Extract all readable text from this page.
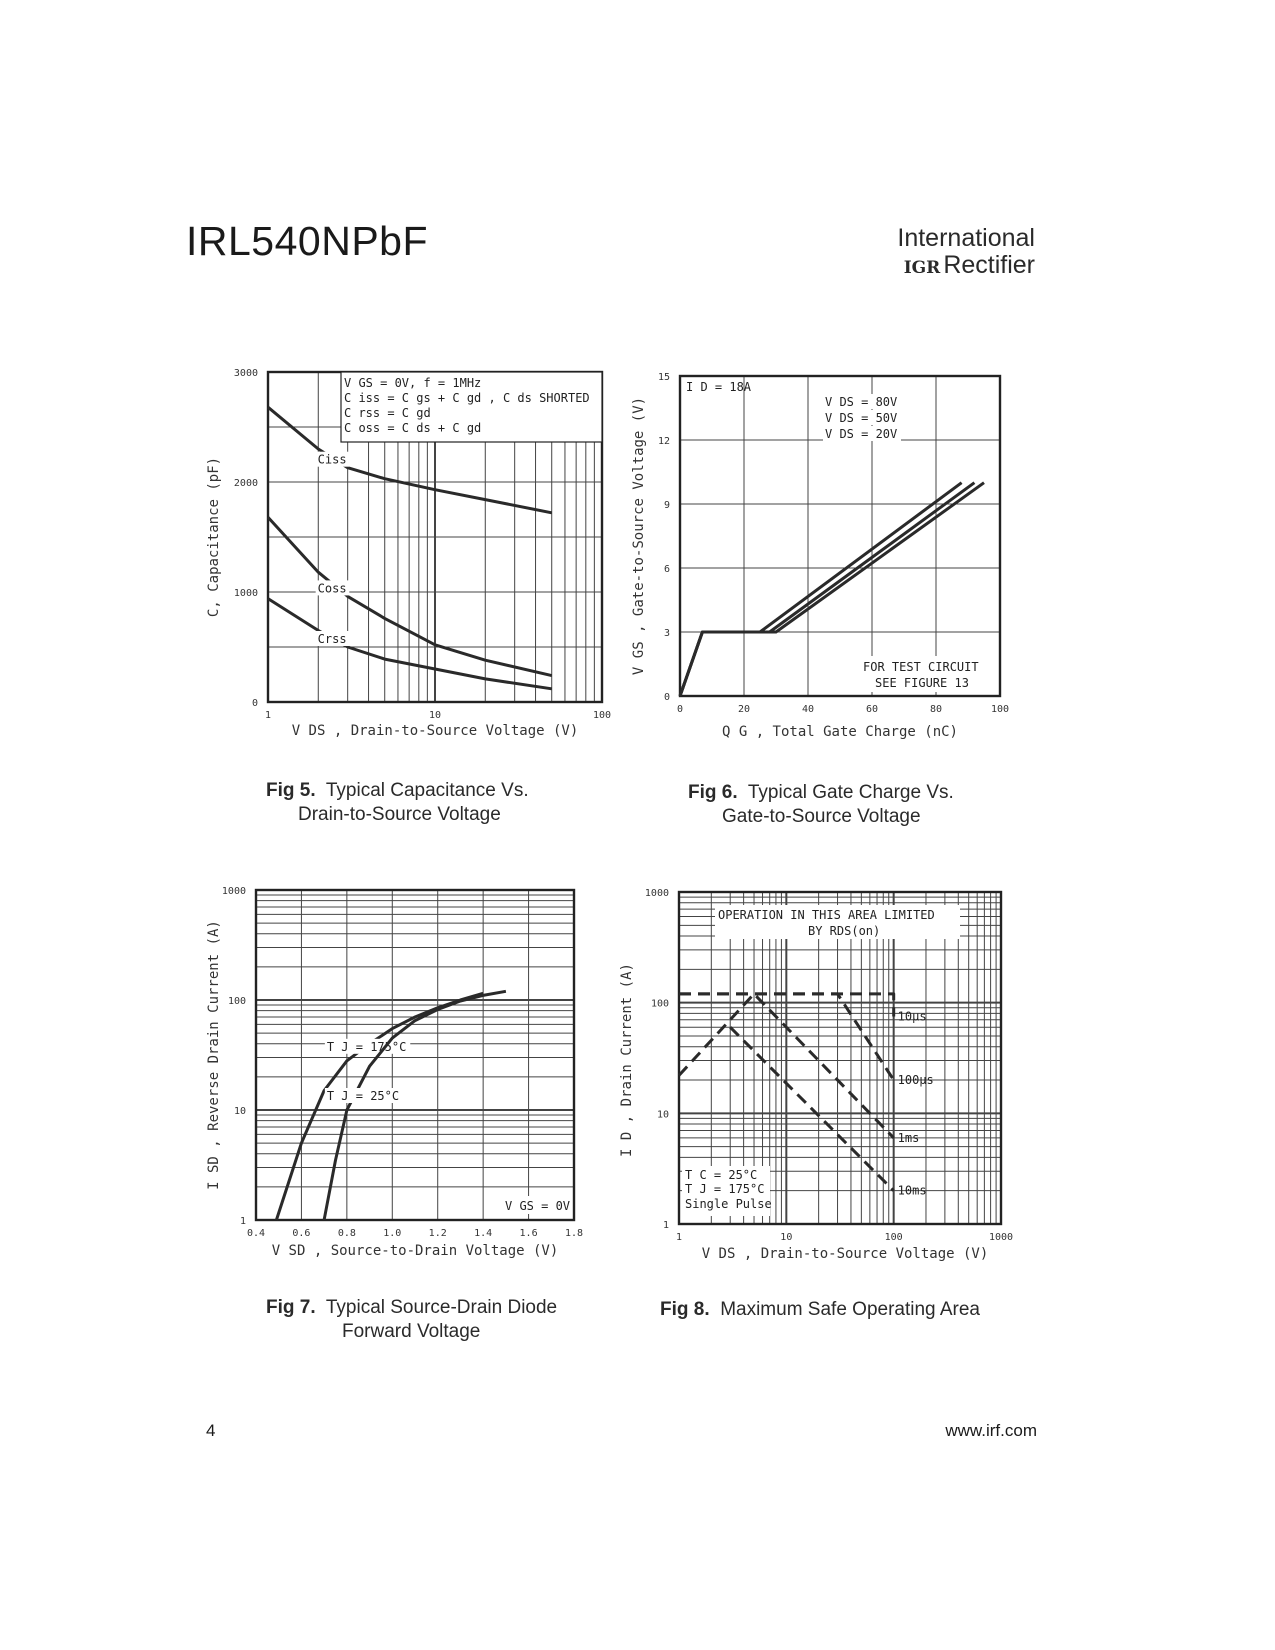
IRL540NPbF	International
IGR Rectifier
1	10	100
0
1000
2000
3000
V GS = 0V, f = 1MHz
C iss = C gs + C gd , C ds SHORTED
C rss = C gd
C oss = C ds + C gd
Ciss
Coss
Crss
V DS , Drain-to-Source Voltage (V)
C, Capacitance (pF)
Fig 5. Typical Capacitance Vs.
Drain-to-Source Voltage
0	20	40	60	80	100
0
3
6
9
12
15
V DS = 80V
V DS = 50V
V DS = 20V
I D = 18A
FOR TEST CIRCUIT
SEE FIGURE 13
Q G , Total Gate Charge (nC)
V GS , Gate-to-Source Voltage (V)
Fig 6. Typical Gate Charge Vs.
Gate-to-Source Voltage
0.4	0.6	0.8	1.0	1.2	1.4	1.6	1.8
1
10
100
1000
T J = 175°C
T J = 25°C
V GS = 0V
V SD , Source-to-Drain Voltage (V)
I SD , Reverse Drain Current (A)
Fig 7. Typical Source-Drain Diode
Forward Voltage
1	10	100	1000
1
10
100
1000
10µs
100µs
1ms
10ms
OPERATION IN THIS AREA LIMITED
BY RDS(on)
T C = 25°C
T J = 175°C
Single Pulse
V DS , Drain-to-Source Voltage (V)
I D , Drain Current (A)
Fig 8. Maximum Safe Operating Area
4	www.irf.com
